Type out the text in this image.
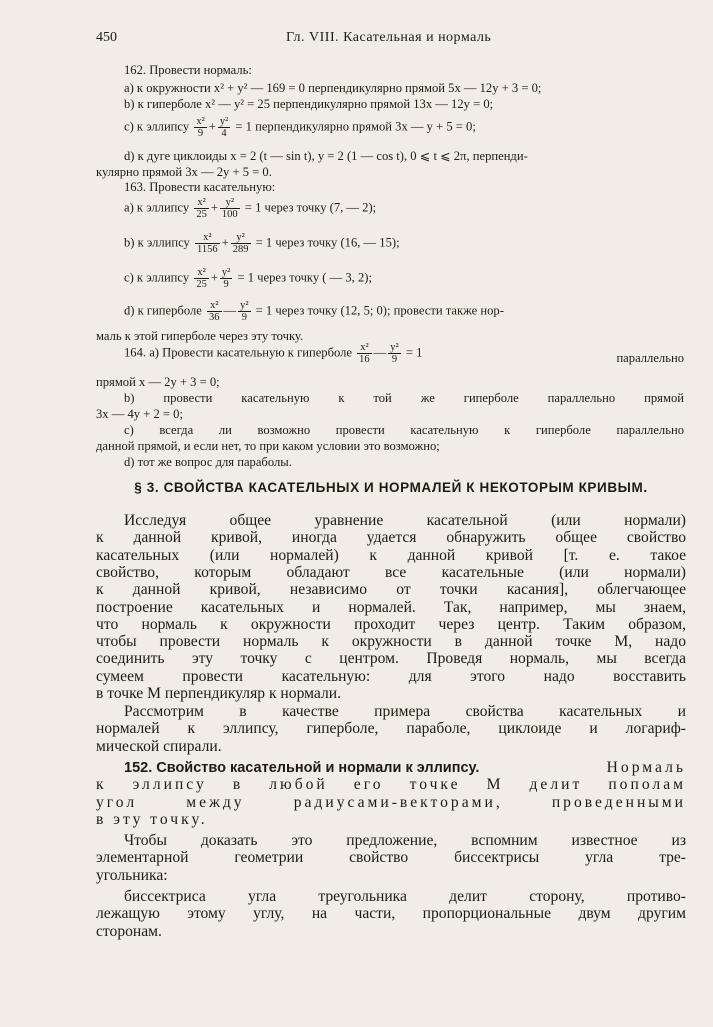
450	Гл. VIII. Касательная и нормаль
162. Провести нормаль:
а) к окружности x² + y² — 169 = 0 перпендикулярно прямой 5x — 12y + 3 = 0;
b) к гиперболе x² — y² = 25 перпендикулярно прямой 13x — 12y = 0;
с) к эллипсу $\frac{\text{x²}}{9} + \frac{\text{y²}}{4} = 1$ перпендикулярно прямой 3x — y + 5 = 0;
d) к дуге циклоиды x = 2 (t — sin t), y = 2 (1 — cos t), 0 ⩽ t ⩽ 2π, перпенди-
кулярно прямой 3x — 2y + 5 = 0.
163. Провести касательную:
а) к эллипсу $\frac{\text{x²}}{25} + \frac{\text{y²}}{100} = 1$ через точку (7, — 2);
b) к эллипсу $\frac{\text{x²}}{1156} + \frac{\text{y²}}{289} = 1$ через точку (16, — 15);
с) к эллипсу $\frac{\text{x²}}{25} + \frac{\text{y²}}{9} = 1$ через точку ( — 3, 2);
d) к гиперболе $\frac{\text{x²}}{36}$ — $\frac{\text{y²}}{9} = 1$ через точку (12, 5; 0); провести также нор-
маль к этой гиперболе через эту точку.
164. а) Провести касательную к гиперболе $\frac{\text{x²}}{16}$ — $\frac{\text{y²}}{9} = 1$	параллельно
прямой x — 2y + 3 = 0;
b) провести касательную к той же гиперболе параллельно прямой
3x — 4y + 2 = 0;
с) всегда ли возможно провести касательную к гиперболе параллельно
данной прямой, и если нет, то при каком условии это возможно;
d) тот же вопрос для параболы.
§ 3. СВОЙСТВА КАСАТЕЛЬНЫХ И НОРМАЛЕЙ К НЕКОТОРЫМ КРИВЫМ.
Исследуя общее уравнение касательной (или нормали)
к данной кривой, иногда удается обнаружить общее свойство
касательных (или нормалей) к данной кривой [т. е. такое
свойство, которым обладают все касательные (или нормали)
к данной кривой, независимо от точки касания], облегчающее
построение касательных и нормалей. Так, например, мы знаем,
что нормаль к окружности проходит через центр. Таким образом,
чтобы провести нормаль к окружности в данной точке M, надо
соединить эту точку с центром. Проведя нормаль, мы всегда
сумеем провести касательную: для этого надо восставить
в точке M перпендикуляр к нормали.
Рассмотрим в качестве примера свойства касательных и
нормалей к эллипсу, гиперболе, параболе, циклоиде и логариф-
мической спирали.
152. Свойство касательной и нормали к эллипсу.	Нормаль
к эллипсу в любой его точке M делит пополам
угол между радиусами-векторами, проведенными
в эту точку.
Чтобы доказать это предложение, вспомним известное из
элементарной геометрии свойство биссектрисы угла тре-
угольника:
биссектриса угла треугольника делит сторону, противо-
лежащую этому углу, на части, пропорциональные двум другим
сторонам.
